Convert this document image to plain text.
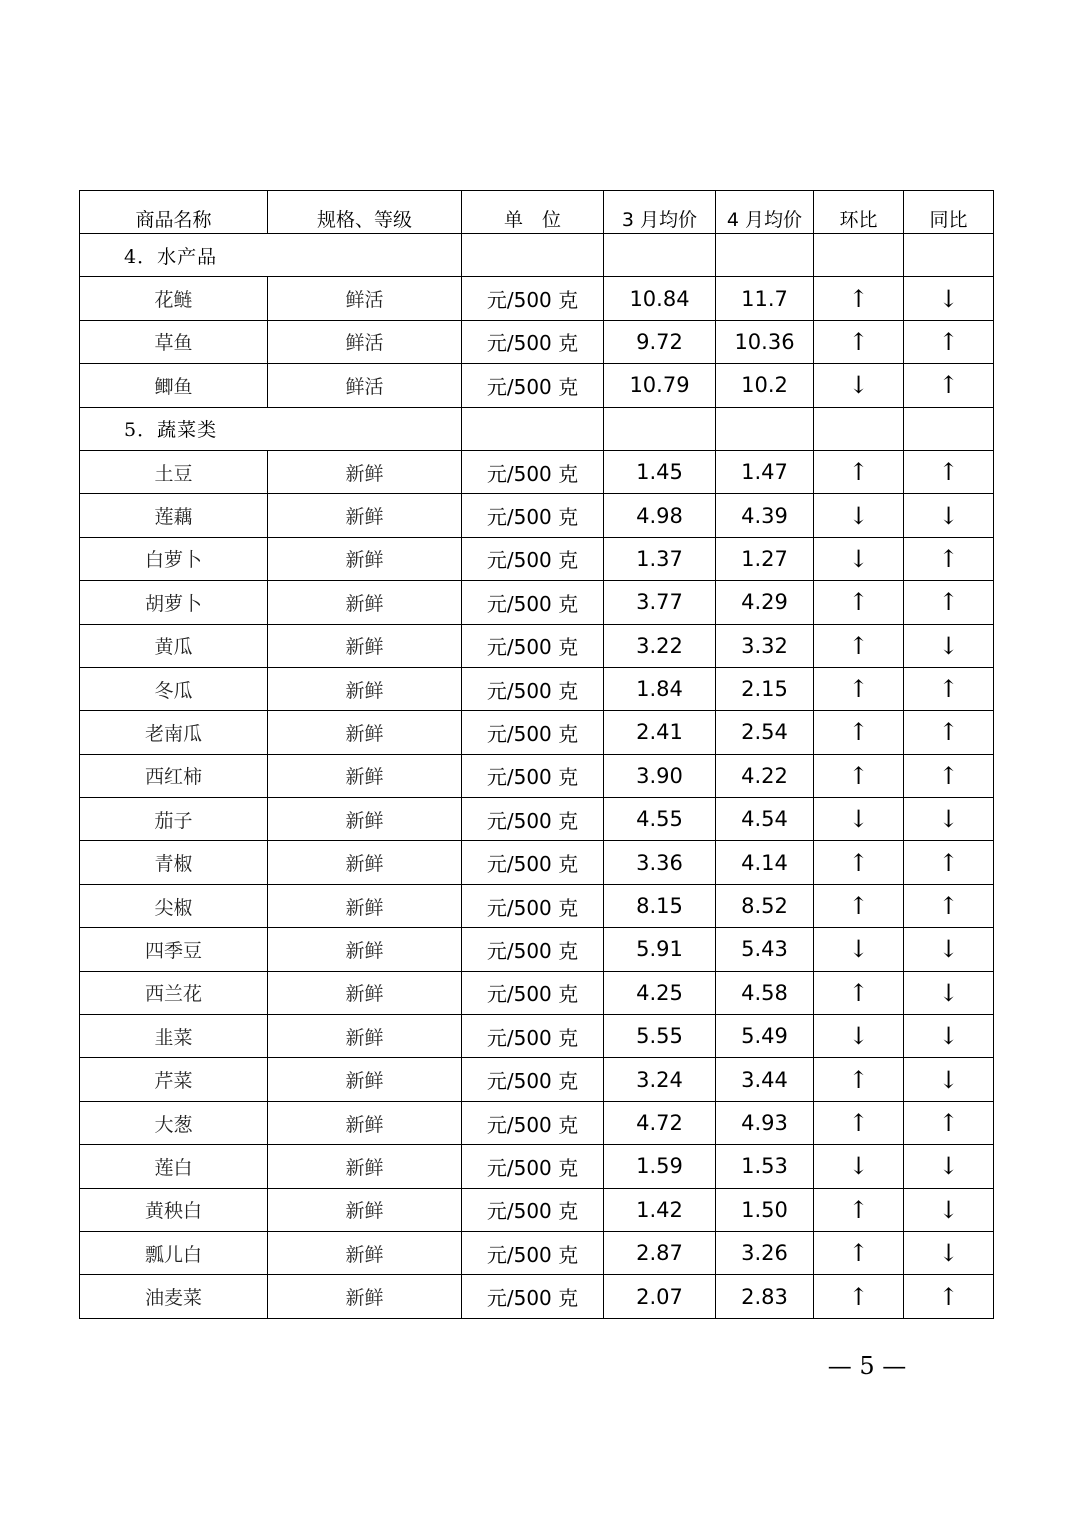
商品名称	规格、等级	单　位	3 月均价	4 月均价	环比	同比
4．水产品						
花鲢	鲜活	元/500 克	10.84	11.7	↑	↓
草鱼	鲜活	元/500 克	9.72	10.36	↑	↑
鲫鱼	鲜活	元/500 克	10.79	10.2	↓	↑
5．蔬菜类						
土豆	新鲜	元/500 克	1.45	1.47	↑	↑
莲藕	新鲜	元/500 克	4.98	4.39	↓	↓
白萝卜	新鲜	元/500 克	1.37	1.27	↓	↑
胡萝卜	新鲜	元/500 克	3.77	4.29	↑	↑
黄瓜	新鲜	元/500 克	3.22	3.32	↑	↓
冬瓜	新鲜	元/500 克	1.84	2.15	↑	↑
老南瓜	新鲜	元/500 克	2.41	2.54	↑	↑
西红柿	新鲜	元/500 克	3.90	4.22	↑	↑
茄子	新鲜	元/500 克	4.55	4.54	↓	↓
青椒	新鲜	元/500 克	3.36	4.14	↑	↑
尖椒	新鲜	元/500 克	8.15	8.52	↑	↑
四季豆	新鲜	元/500 克	5.91	5.43	↓	↓
西兰花	新鲜	元/500 克	4.25	4.58	↑	↓
韭菜	新鲜	元/500 克	5.55	5.49	↓	↓
芹菜	新鲜	元/500 克	3.24	3.44	↑	↓
大葱	新鲜	元/500 克	4.72	4.93	↑	↑
莲白	新鲜	元/500 克	1.59	1.53	↓	↓
黄秧白	新鲜	元/500 克	1.42	1.50	↑	↓
瓢儿白	新鲜	元/500 克	2.87	3.26	↑	↓
油麦菜	新鲜	元/500 克	2.07	2.83	↑	↑
— 5 —
